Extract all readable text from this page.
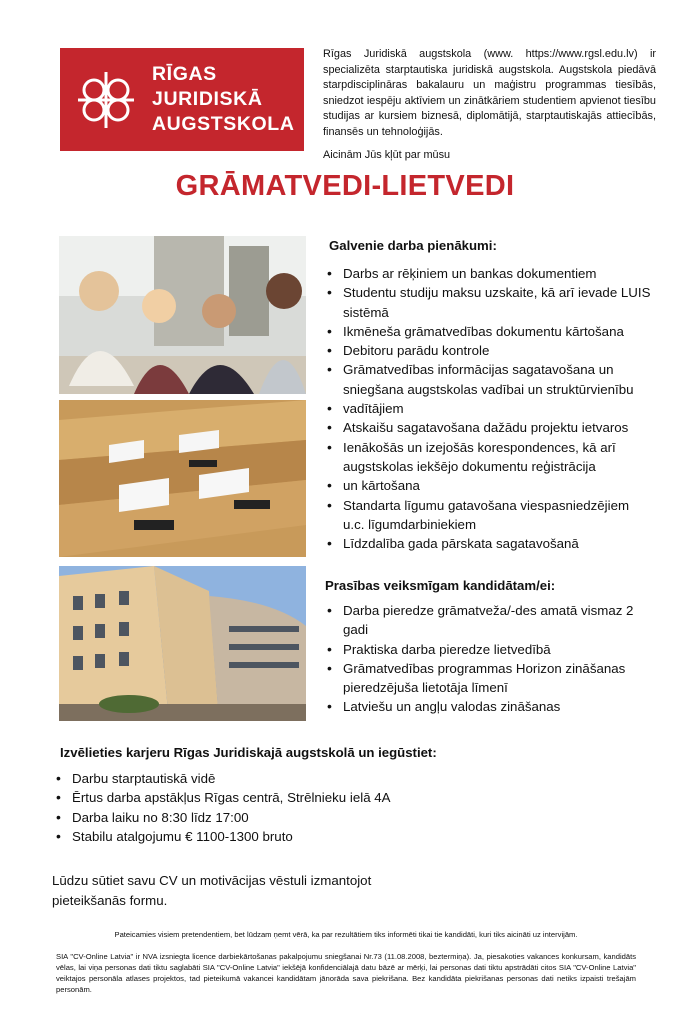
RĪGAS
JURIDISKĀ
AUGSTSKOLA

Rīgas Juridiskā augstskola (www. https://www.rgsl.edu.lv) ir specializēta starptautiska juridiskā augstskola. Augstskola piedāvā starpdisciplināras bakalauru un maģistru programmas tiesībās, sniedzot iespēju aktīviem un zinātkāriem studentiem apvienot tiesību studijas ar kursiem biznesā, diplomātijā, starptautiskajās attiecībās, finansēs un tehnoloģijās.

Aicinām Jūs kļūt par mūsu

GRĀMATVEDI-LIETVEDI
Galvenie darba pienākumi:
• Darbs ar rēķiniem un bankas dokumentiem
• Studentu studiju maksu uzskaite, kā arī ievade LUIS sistēmā
• Ikmēneša grāmatvedības dokumentu kārtošana
• Debitoru parādu kontrole
• Grāmatvedības informācijas sagatavošana un sniegšana augstskolas vadībai un struktūrvienību
• vadītājiem
• Atskaišu sagatavošana dažādu projektu ietvaros
• Ienākošās un izejošās korespondences, kā arī augstskolas iekšējo dokumentu reģistrācija
• un kārtošana
• Standarta līgumu gatavošana viespasniedzējiem u.c. līgumdarbiniekiem
• Līdzdalība gada pārskata sagatavošanā
Prasības veiksmīgam kandidātam/ei:
• Darba pieredze grāmatveža/-des amatā vismaz 2 gadi
• Praktiska darba pieredze lietvedībā
• Grāmatvedības programmas Horizon zināšanas pieredzējuša lietotāja līmenī
• Latviešu un angļu valodas zināšanas
Izvēlieties karjeru Rīgas Juridiskajā augstskolā un iegūstiet:
• Darbu starptautiskā vidē
• Ērtus darba apstākļus Rīgas centrā, Strēlnieku ielā 4A
• Darba laiku no 8:30 līdz 17:00
• Stabilu atalgojumu € 1100-1300 bruto

Lūdzu sūtiet savu CV un motivācijas vēstuli izmantojot pieteikšanās formu.

Pateicamies visiem pretendentiem, bet lūdzam ņemt vērā, ka par rezultātiem tiks informēti tikai tie kandidāti, kuri tiks aicināti uz intervijām.

SIA "CV-Online Latvia" ir NVA izsniegta licence darbiekārtošanas pakalpojumu sniegšanai Nr.73 (11.08.2008, beztermiņa). Ja, piesakoties vakances konkursam, kandidāts vēlas, lai viņa personas dati tiktu saglabāti SIA "CV-Online Latvia" iekšējā konfidenciālajā datu bāzē ar mērķi, lai personas dati tiktu apstrādāti citos SIA "CV-Online Latvia" veiktajos personāla atlases projektos, tad pieteikumā vakancei kandidātam jānorāda sava piekrišana. Bez kandidāta piekrišanas personas dati netiks izpaisti trešajām personām.
